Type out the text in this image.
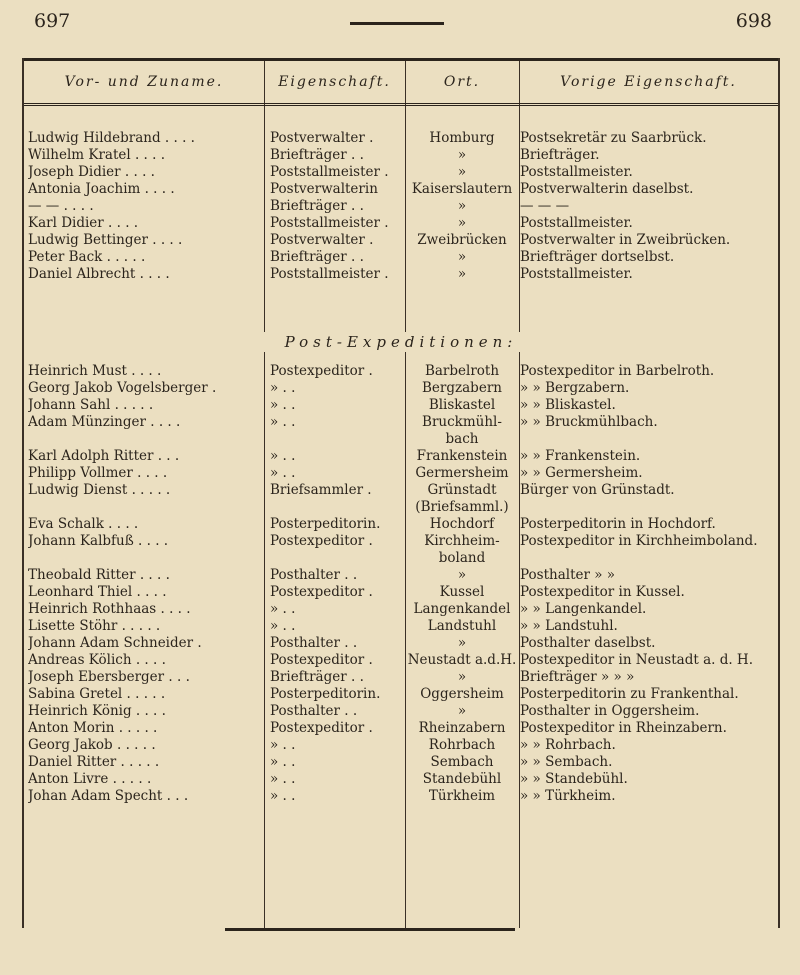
697	698
Vor- und Zuname.	Eigenschaft.	Ort.	Vorige Eigenschaft.
Post-Expeditionen:
Ludwig Hildebrand . . . .	Postverwalter .	Homburg	Postsekretär zu Saarbrück.
Wilhelm Kratel . . . .	Briefträger . .	»	Briefträger.
Joseph Didier . . . .	Poststallmeister .	»	Poststallmeister.
Antonia Joachim . . . .	Postverwalterin	Kaiserslautern Postverwalterin daselbst.
— — . . . .	Briefträger . .	»	— — —
Karl Didier . . . .	Poststallmeister .	»	Poststallmeister.
Ludwig Bettinger . . . .	Postverwalter .	Zweibrücken Postverwalter in Zweibrücken.
Peter Back . . . . .	Briefträger . .	»	Briefträger dortselbst.
Daniel Albrecht . . . .	Poststallmeister .	»	Poststallmeister.
Heinrich Must . . . .	Postexpeditor .	Barbelroth	Postexpeditor in Barbelroth.
Georg Jakob Vogelsberger .	» . .	Bergzabern	» » Bergzabern.
Johann Sahl . . . . .	» . .	Bliskastel	» » Bliskastel.
Adam Münzinger . . . .	» . .	Bruckmühl-	» » Bruckmühlbach.
bach
Karl Adolph Ritter . . .	» . .	Frankenstein » » Frankenstein.
Philipp Vollmer . . . .	» . .	Germersheim » » Germersheim.
Ludwig Dienst . . . . .	Briefsammler .	Grünstadt	Bürger von Grünstadt.
(Briefsamml.)
Eva Schalk . . . .	Posterpeditorin.	Hochdorf	Posterpeditorin in Hochdorf.
Johann Kalbfuß . . . .	Postexpeditor .	Kirchheim-	Postexpeditor in Kirchheimboland.
boland
Theobald Ritter . . . .	Posthalter . .	»	Posthalter » »
Leonhard Thiel . . . .	Postexpeditor .	Kussel	Postexpeditor in Kussel.
Heinrich Rothhaas . . . .	» . .	Langenkandel » » Langenkandel.
Lisette Stöhr . . . . .	» . .	Landstuhl	» » Landstuhl.
Johann Adam Schneider .	Posthalter . .	»	Posthalter daselbst.
Andreas Kölich . . . .	Postexpeditor .	Neustadt a.d.H. Postexpeditor in Neustadt a. d. H.
Joseph Ebersberger . . .	Briefträger . .	»	Briefträger » » »
Sabina Gretel . . . . .	Posterpeditorin.	Oggersheim	Posterpeditorin zu Frankenthal.
Heinrich König . . . .	Posthalter . .	»	Posthalter in Oggersheim.
Anton Morin . . . . .	Postexpeditor .	Rheinzabern	Postexpeditor in Rheinzabern.
Georg Jakob . . . . .	» . .	Rohrbach	» » Rohrbach.
Daniel Ritter . . . . .	» . .	Sembach	» » Sembach.
Anton Livre . . . . .	» . .	Standebühl	» » Standebühl.
Johan Adam Specht . . .	» . .	Türkheim	» » Türkheim.
